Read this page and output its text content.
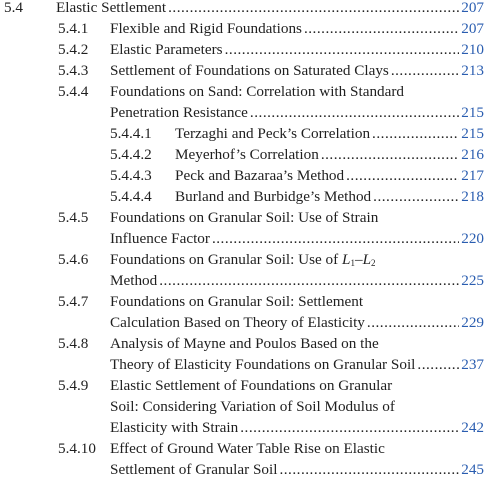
5.4 Elastic Settlement .....	207
5.4.1 Flexible and Rigid Foundations .....	207
5.4.2 Elastic Parameters .....	210
5.4.3 Settlement of Foundations on Saturated Clays .....	213
5.4.4 Foundations on Sand: Correlation with Standard
Penetration Resistance .....	215
5.4.4.1 Terzaghi and Peck’s Correlation .....	215
5.4.4.2 Meyerhof’s Correlation .....	216
5.4.4.3 Peck and Bazaraa’s Method .....	217
5.4.4.4 Burland and Burbidge’s Method .....	218
5.4.5 Foundations on Granular Soil: Use of Strain
Influence Factor .....	220
5.4.6 Foundations on Granular Soil: Use of $L_1-L_2$
Method .....	225
5.4.7 Foundations on Granular Soil: Settlement
Calculation Based on Theory of Elasticity .....	229
5.4.8 Analysis of Mayne and Poulos Based on the
Theory of Elasticity Foundations on Granular Soil .....	237
5.4.9 Elastic Settlement of Foundations on Granular
Soil: Considering Variation of Soil Modulus of
Elasticity with Strain .....	242
5.4.10 Effect of Ground Water Table Rise on Elastic
Settlement of Granular Soil .....	245
